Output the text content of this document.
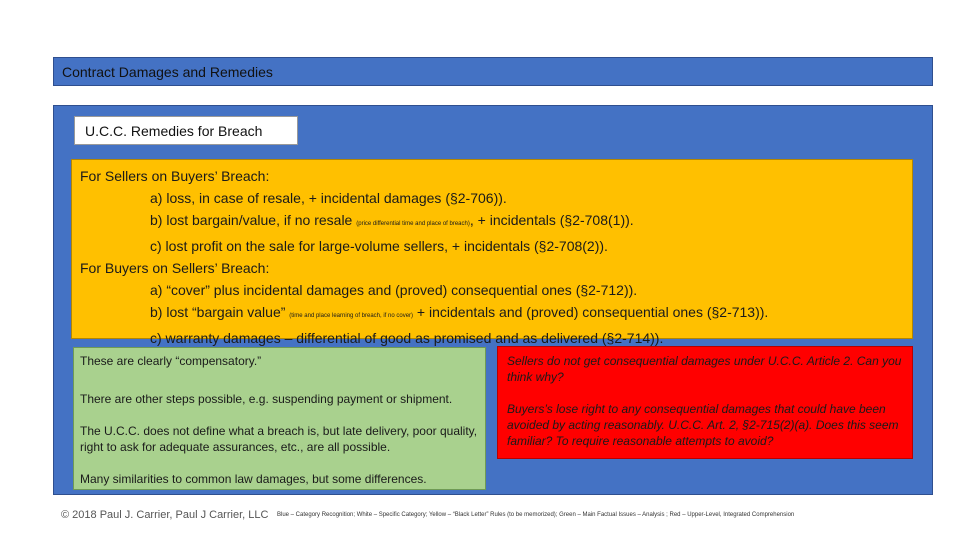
Contract Damages and Remedies
U.C.C. Remedies for Breach
For Sellers on Buyers’ Breach:
a) loss, in case of resale, + incidental damages (§2-706)).
b) lost bargain/value, if no resale (price differential time and place of breach), + incidentals (§2-708(1)).
c) lost profit on the sale for large-volume sellers, + incidentals (§2-708(2)).
For Buyers on Sellers’ Breach:
a) “cover” plus incidental damages and (proved) consequential ones (§2-712)).
b) lost “bargain value” (time and place learning of breach, if no cover) + incidentals and (proved) consequential ones (§2-713)).
c) warranty damages – differential of good as promised and as delivered (§2-714)).

These are clearly “compensatory.”

There are other steps possible, e.g. suspending payment or shipment.

The U.C.C. does not define what a breach is, but late delivery, poor quality, right to ask for adequate assurances, etc., are all possible.

Many similarities to common law damages, but some differences.

Sellers do not get consequential damages under U.C.C. Article 2. Can you think why?

Buyers’s lose right to any consequential damages that could have been avoided by acting reasonably. U.C.C. Art. 2, §2-715(2)(a). Does this seem familiar? To require reasonable attempts to avoid?

© 2018 Paul J. Carrier, Paul J Carrier, LLC Blue – Category Recognition; White – Specific Category; Yellow – “Black Letter” Rules (to be memorized); Green – Main Factual Issues – Analysis ; Red – Upper-Level, Integrated Comprehension
